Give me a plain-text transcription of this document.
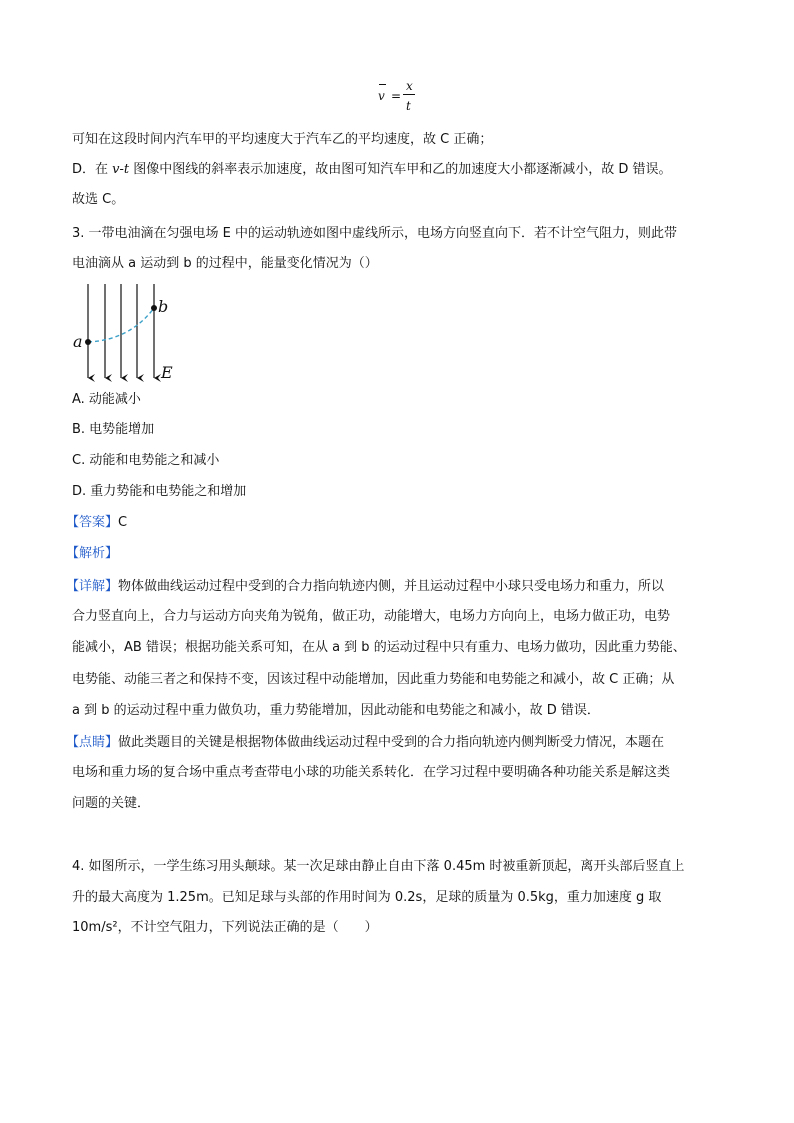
v =
x
t
可知在这段时间内汽车甲的平均速度大于汽车乙的平均速度，故 C 正确；
D．在 v-t 图像中图线的斜率表示加速度，故由图可知汽车甲和乙的加速度大小都逐渐减小，故 D 错误。
故选 C。
3. 一带电油滴在匀强电场 E 中的运动轨迹如图中虚线所示，电场方向竖直向下．若不计空气阻力，则此带
电油滴从 a 运动到 b 的过程中，能量变化情况为（）
a
b
E
A. 动能减小
B. 电势能增加
C. 动能和电势能之和减小
D. 重力势能和电势能之和增加
【答案】C
【解析】
【详解】物体做曲线运动过程中受到的合力指向轨迹内侧，并且运动过程中小球只受电场力和重力，所以
合力竖直向上，合力与运动方向夹角为锐角，做正功，动能增大，电场力方向向上，电场力做正功，电势
能减小，AB 错误；根据功能关系可知，在从 a 到 b 的运动过程中只有重力、电场力做功，因此重力势能、
电势能、动能三者之和保持不变，因该过程中动能增加，因此重力势能和电势能之和减小，故 C 正确；从
a 到 b 的运动过程中重力做负功，重力势能增加，因此动能和电势能之和减小，故 D 错误．
【点睛】做此类题目的关键是根据物体做曲线运动过程中受到的合力指向轨迹内侧判断受力情况，本题在
电场和重力场的复合场中重点考查带电小球的功能关系转化．在学习过程中要明确各种功能关系是解这类
问题的关键．
4. 如图所示，一学生练习用头颠球。某一次足球由静止自由下落 0.45m 时被重新顶起，离开头部后竖直上
升的最大高度为 1.25m。已知足球与头部的作用时间为 0.2s，足球的质量为 0.5kg，重力加速度 g 取
10m/s²，不计空气阻力，下列说法正确的是（　　）
